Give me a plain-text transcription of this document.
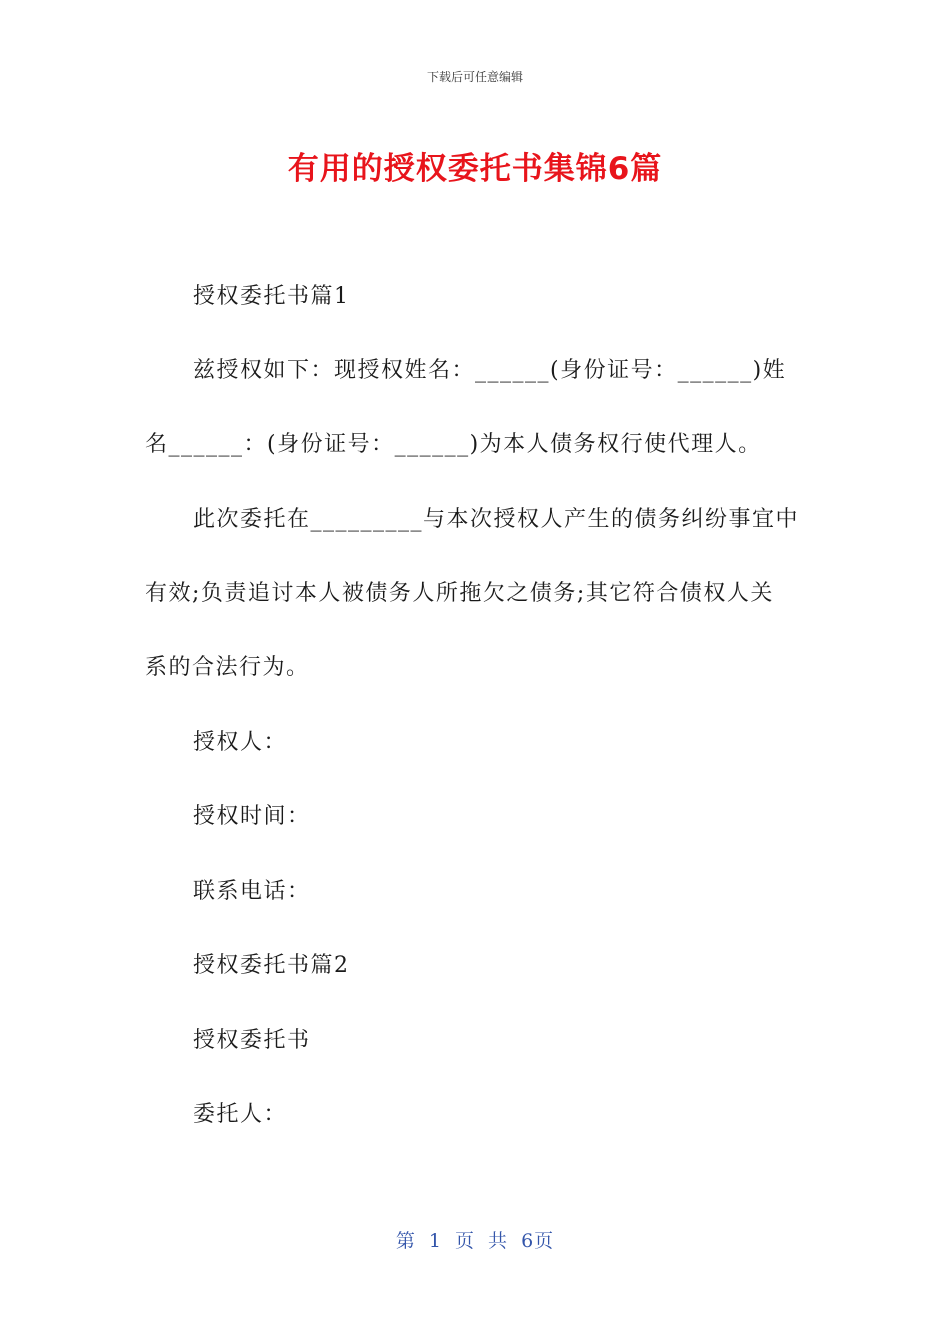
下载后可任意编辑
有用的授权委托书集锦6篇
授权委托书篇1
兹授权如下：现授权姓名：______(身份证号：______)姓
名______：(身份证号：______)为本人债务权行使代理人。
此次委托在_________与本次授权人产生的债务纠纷事宜中
有效;负责追讨本人被债务人所拖欠之债务;其它符合债权人关
系的合法行为。
授权人：
授权时间：
联系电话：
授权委托书篇2
授权委托书
委托人：
第 1 页 共 6页
